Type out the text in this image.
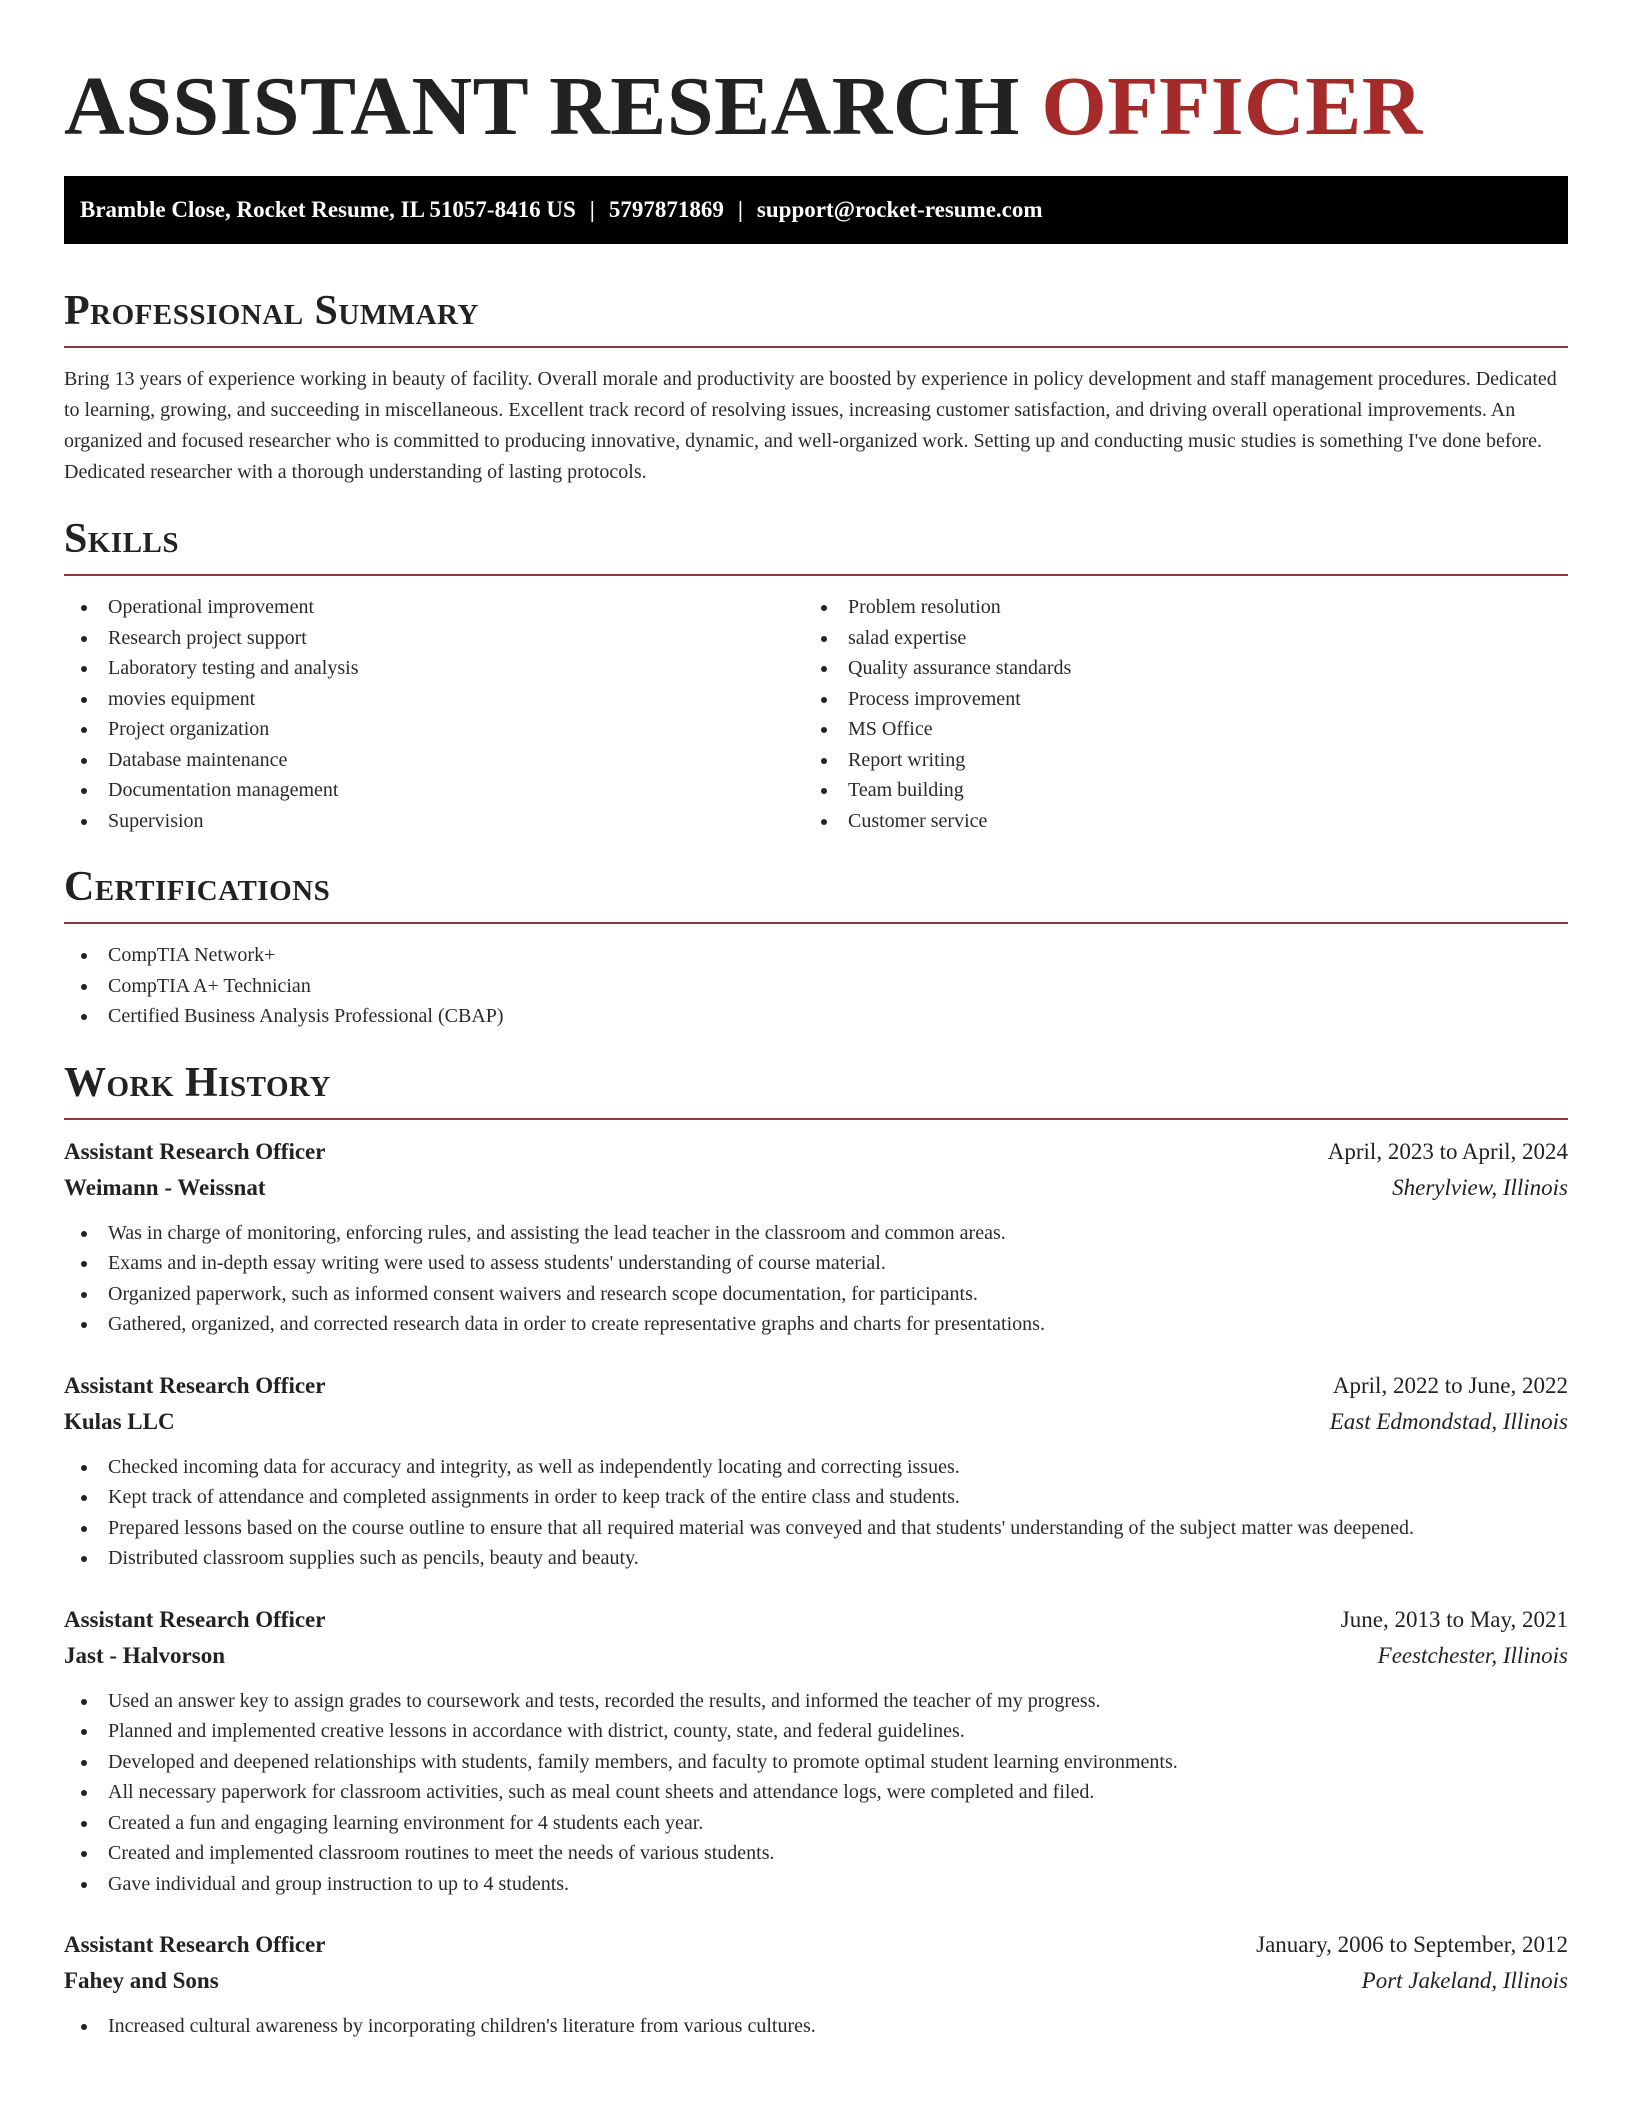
ASSISTANT RESEARCH OFFICER
Bramble Close, Rocket Resume, IL 51057-8416 US | 5797871869 | support@rocket-resume.com
Professional Summary

Bring 13 years of experience working in beauty of facility. Overall morale and productivity are boosted by experience in policy development and staff management procedures. Dedicated to learning, growing, and succeeding in miscellaneous. Excellent track record of resolving issues, increasing customer satisfaction, and driving overall operational improvements. An organized and focused researcher who is committed to producing innovative, dynamic, and well-organized work. Setting up and conducting music studies is something I've done before. Dedicated researcher with a thorough understanding of lasting protocols.

Skills
Operational improvement
Research project support
Laboratory testing and analysis
movies equipment
Project organization
Database maintenance
Documentation management
Supervision
Problem resolution
salad expertise
Quality assurance standards
Process improvement
MS Office
Report writing
Team building
Customer service
Certifications
CompTIA Network+
CompTIA A+ Technician
Certified Business Analysis Professional (CBAP)
Work History
Assistant Research Officer	April, 2023 to April, 2024
Weimann - Weissnat	Sherylview, Illinois
Was in charge of monitoring, enforcing rules, and assisting the lead teacher in the classroom and common areas.
Exams and in-depth essay writing were used to assess students' understanding of course material.
Organized paperwork, such as informed consent waivers and research scope documentation, for participants.
Gathered, organized, and corrected research data in order to create representative graphs and charts for presentations.
Assistant Research Officer	April, 2022 to June, 2022
Kulas LLC	East Edmondstad, Illinois
Checked incoming data for accuracy and integrity, as well as independently locating and correcting issues.
Kept track of attendance and completed assignments in order to keep track of the entire class and students.
Prepared lessons based on the course outline to ensure that all required material was conveyed and that students' understanding of the subject matter was deepened.
Distributed classroom supplies such as pencils, beauty and beauty.
Assistant Research Officer	June, 2013 to May, 2021
Jast - Halvorson	Feestchester, Illinois
Used an answer key to assign grades to coursework and tests, recorded the results, and informed the teacher of my progress.
Planned and implemented creative lessons in accordance with district, county, state, and federal guidelines.
Developed and deepened relationships with students, family members, and faculty to promote optimal student learning environments.
All necessary paperwork for classroom activities, such as meal count sheets and attendance logs, were completed and filed.
Created a fun and engaging learning environment for 4 students each year.
Created and implemented classroom routines to meet the needs of various students.
Gave individual and group instruction to up to 4 students.
Assistant Research Officer	January, 2006 to September, 2012
Fahey and Sons	Port Jakeland, Illinois
Increased cultural awareness by incorporating children's literature from various cultures.
